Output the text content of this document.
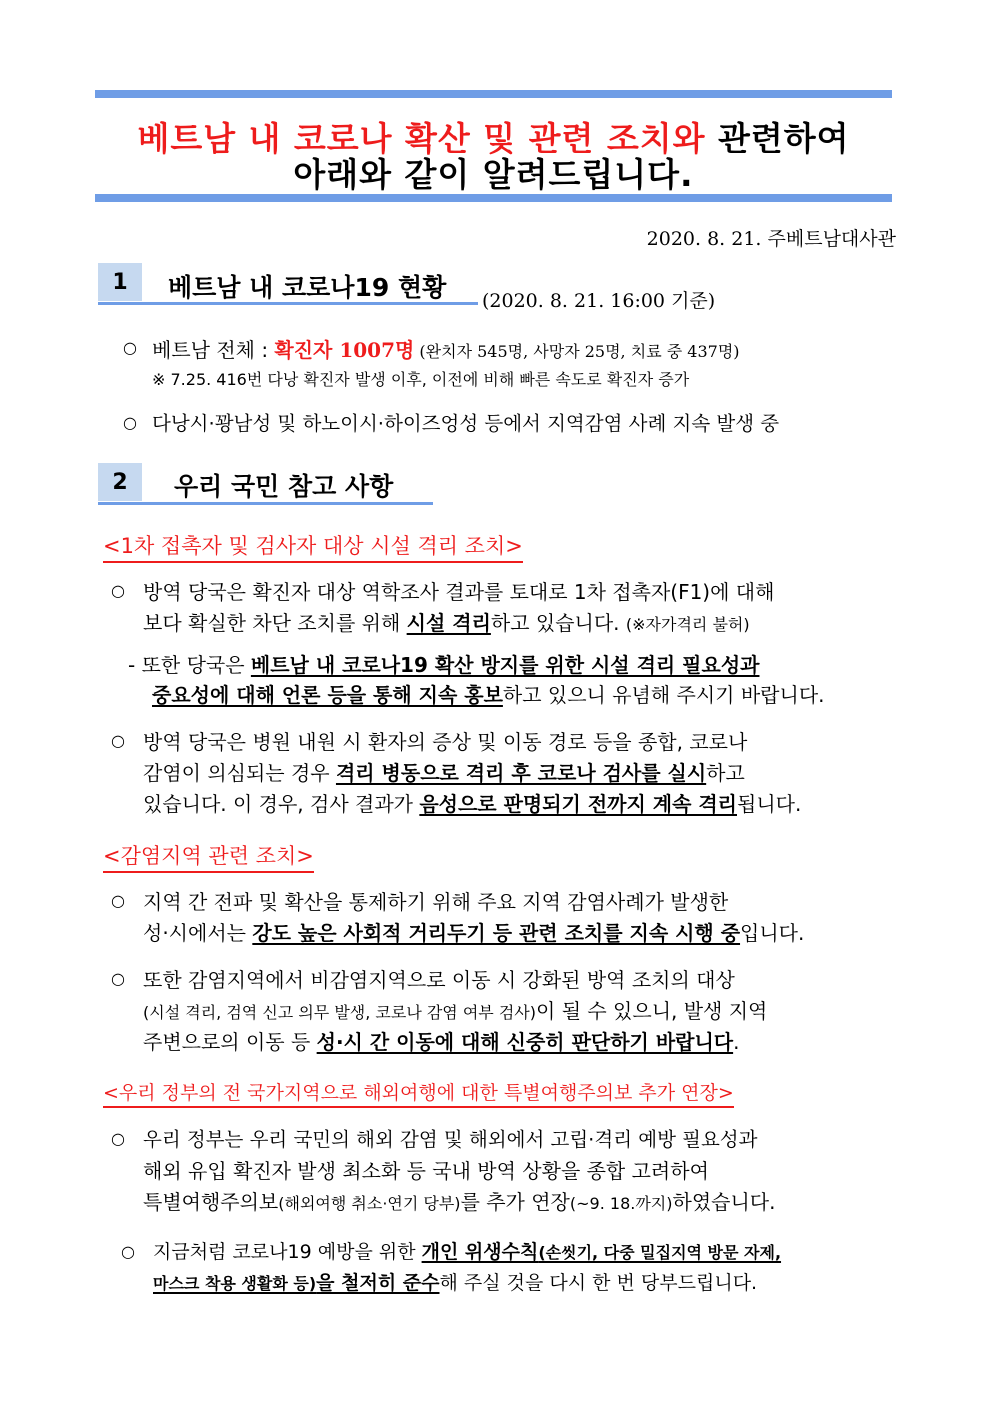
베트남 내 코로나 확산 및 관련 조치와 관련하여
아래와 같이 알려드립니다.
2020. 8. 21. 주베트남대사관
1	베트남 내 코로나19 현황 (2020. 8. 21. 16:00 기준)
○ 베트남 전체 : 확진자 1007명 (완치자 545명, 사망자 25명, 치료 중 437명)
※ 7.25. 416번 다낭 확진자 발생 이후, 이전에 비해 빠른 속도로 확진자 증가
○ 다낭시·꽝남성 및 하노이시·하이즈엉성 등에서 지역감염 사례 지속 발생 중
2	우리 국민 참고 사항
<1차 접촉자 및 검사자 대상 시설 격리 조치>
○ 방역 당국은 확진자 대상 역학조사 결과를 토대로 1차 접촉자(F1)에 대해
보다 확실한 차단 조치를 위해 시설 격리하고 있습니다. (※자가격리 불허)
- 또한 당국은 베트남 내 코로나19 확산 방지를 위한 시설 격리 필요성과
중요성에 대해 언론 등을 통해 지속 홍보하고 있으니 유념해 주시기 바랍니다.
○ 방역 당국은 병원 내원 시 환자의 증상 및 이동 경로 등을 종합, 코로나
감염이 의심되는 경우 격리 병동으로 격리 후 코로나 검사를 실시하고
있습니다. 이 경우, 검사 결과가 음성으로 판명되기 전까지 계속 격리됩니다.
<감염지역 관련 조치>
○ 지역 간 전파 및 확산을 통제하기 위해 주요 지역 감염사례가 발생한
성·시에서는 강도 높은 사회적 거리두기 등 관련 조치를 지속 시행 중입니다.
○ 또한 감염지역에서 비감염지역으로 이동 시 강화된 방역 조치의 대상
(시설 격리, 검역 신고 의무 발생, 코로나 감염 여부 검사)이 될 수 있으니, 발생 지역
주변으로의 이동 등 성·시 간 이동에 대해 신중히 판단하기 바랍니다.
<우리 정부의 전 국가지역으로 해외여행에 대한 특별여행주의보 추가 연장>
○ 우리 정부는 우리 국민의 해외 감염 및 해외에서 고립·격리 예방 필요성과
해외 유입 확진자 발생 최소화 등 국내 방역 상황을 종합 고려하여
특별여행주의보(해외여행 취소·연기 당부)를 추가 연장(~9. 18.까지)하였습니다.
○ 지금처럼 코로나19 예방을 위한 개인 위생수칙(손씻기, 다중 밀집지역 방문 자제,
마스크 착용 생활화 등)을 철저히 준수해 주실 것을 다시 한 번 당부드립니다.
